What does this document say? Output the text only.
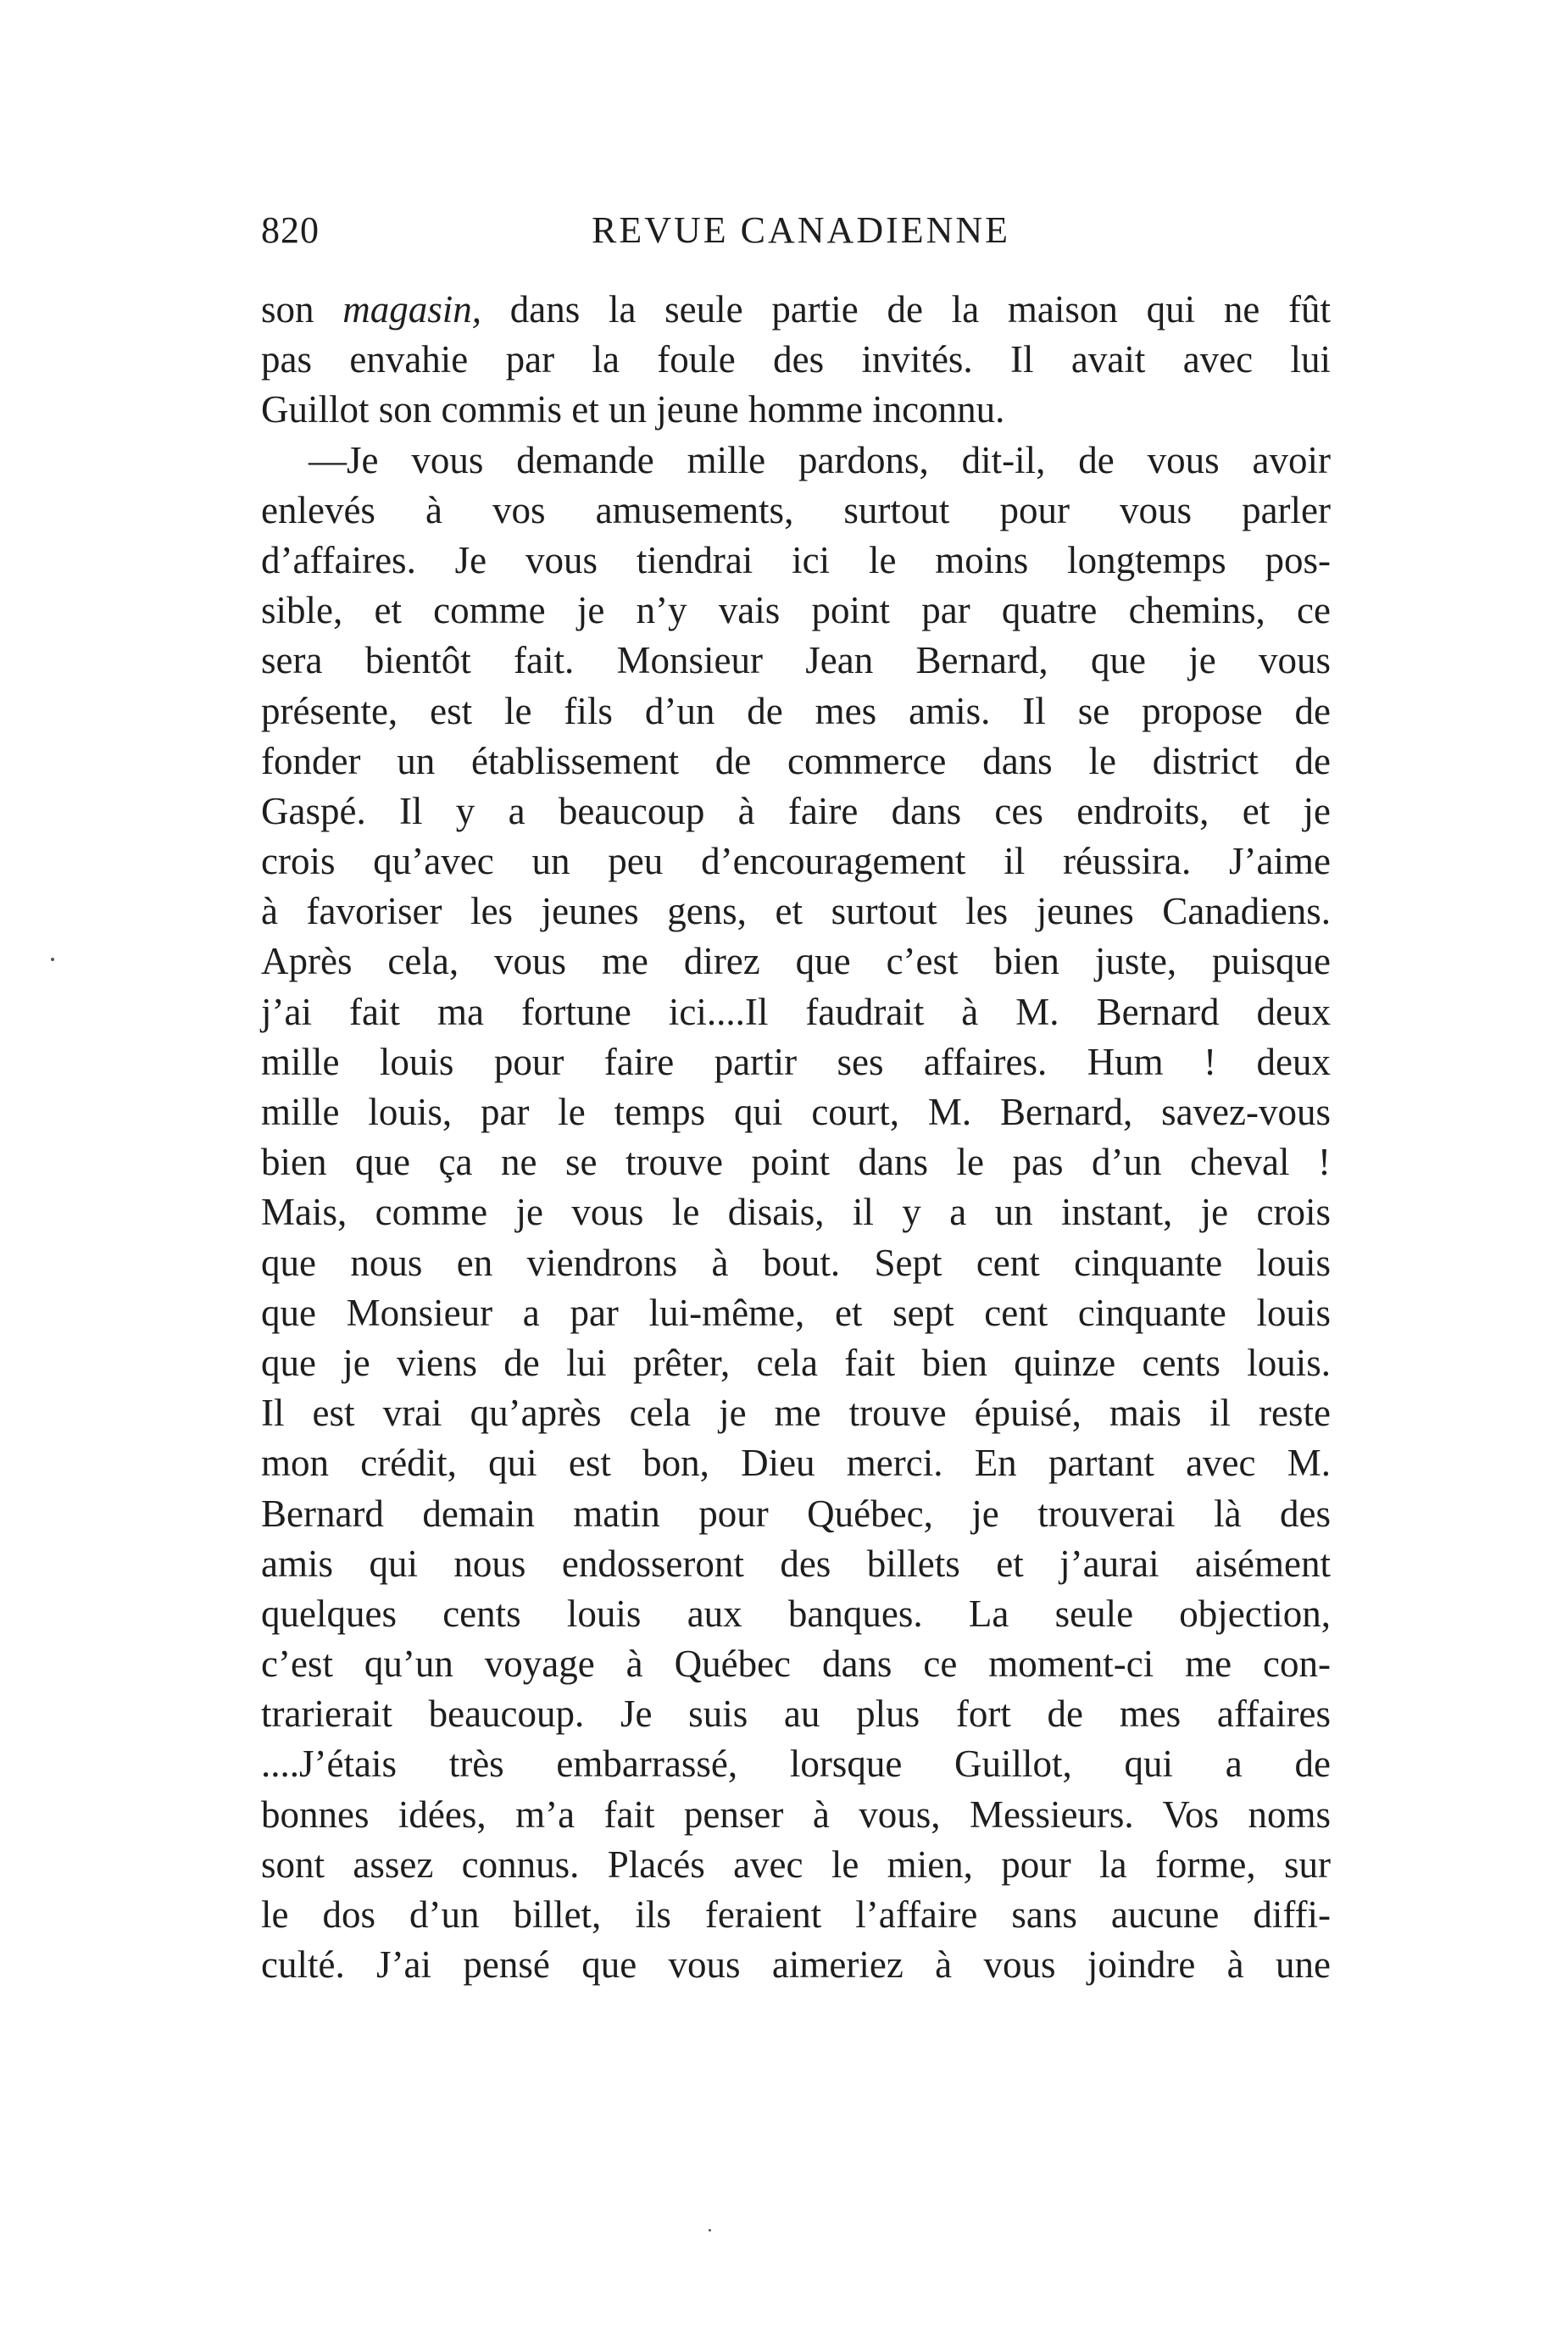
820	REVUE CANADIENNE
son magasin, dans la seule partie de la maison qui ne fût
pas envahie par la foule des invités. Il avait avec lui
Guillot son commis et un jeune homme inconnu.
—Je vous demande mille pardons, dit-il, de vous avoir
enlevés à vos amusements, surtout pour vous parler
d’affaires. Je vous tiendrai ici le moins longtemps pos-
sible, et comme je n’y vais point par quatre chemins, ce
sera bientôt fait. Monsieur Jean Bernard, que je vous
présente, est le fils d’un de mes amis. Il se propose de
fonder un établissement de commerce dans le district de
Gaspé. Il y a beaucoup à faire dans ces endroits, et je
crois qu’avec un peu d’encouragement il réussira. J’aime
à favoriser les jeunes gens, et surtout les jeunes Canadiens.
Après cela, vous me direz que c’est bien juste, puisque
j’ai fait ma fortune ici....Il faudrait à M. Bernard deux
mille louis pour faire partir ses affaires. Hum ! deux
mille louis, par le temps qui court, M. Bernard, savez-vous
bien que ça ne se trouve point dans le pas d’un cheval !
Mais, comme je vous le disais, il y a un instant, je crois
que nous en viendrons à bout. Sept cent cinquante louis
que Monsieur a par lui-même, et sept cent cinquante louis
que je viens de lui prêter, cela fait bien quinze cents louis.
Il est vrai qu’après cela je me trouve épuisé, mais il reste
mon crédit, qui est bon, Dieu merci. En partant avec M.
Bernard demain matin pour Québec, je trouverai là des
amis qui nous endosseront des billets et j’aurai aisément
quelques cents louis aux banques. La seule objection,
c’est qu’un voyage à Québec dans ce moment-ci me con-
trarierait beaucoup. Je suis au plus fort de mes affaires
....J’étais très embarrassé, lorsque Guillot, qui a de
bonnes idées, m’a fait penser à vous, Messieurs. Vos noms
sont assez connus. Placés avec le mien, pour la forme, sur
le dos d’un billet, ils feraient l’affaire sans aucune diffi-
culté. J’ai pensé que vous aimeriez à vous joindre à une
